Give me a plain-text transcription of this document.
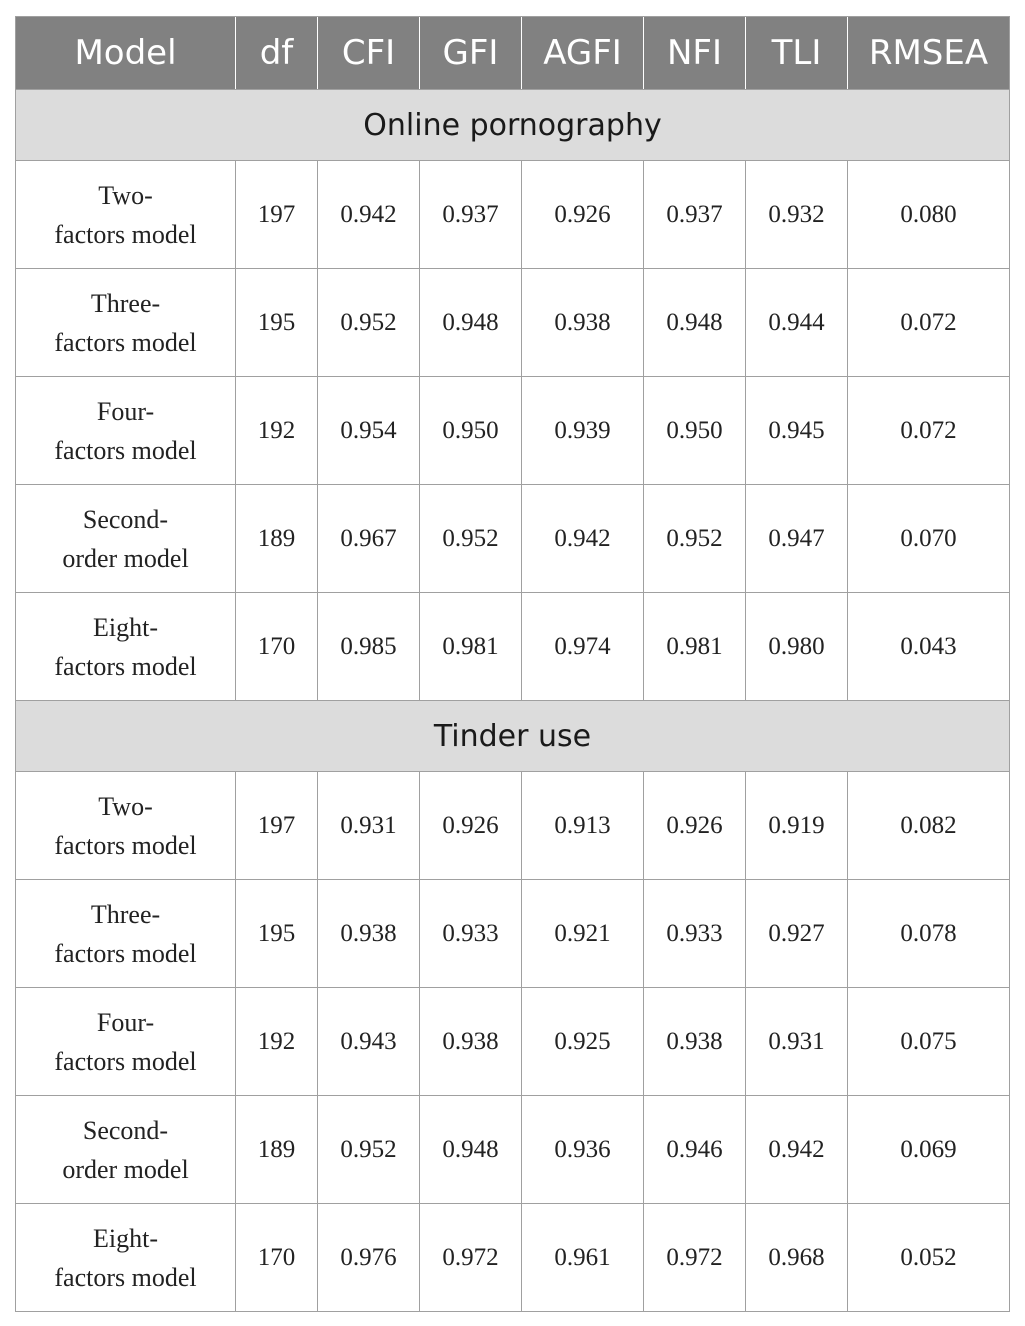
Model	df	CFI	GFI	AGFI	NFI	TLI	RMSEA
Online pornography							

Two-
factors model	197	0.942	0.937	0.926	0.937	0.932	0.080

Three-
factors model	195	0.952	0.948	0.938	0.948	0.944	0.072

Four-
factors model	192	0.954	0.950	0.939	0.950	0.945	0.072

Second-
order model	189	0.967	0.952	0.942	0.952	0.947	0.070

Eight-
factors model	170	0.985	0.981	0.974	0.981	0.980	0.043
Tinder use							

Two-
factors model	197	0.931	0.926	0.913	0.926	0.919	0.082

Three-
factors model	195	0.938	0.933	0.921	0.933	0.927	0.078

Four-
factors model	192	0.943	0.938	0.925	0.938	0.931	0.075

Second-
order model	189	0.952	0.948	0.936	0.946	0.942	0.069

Eight-
factors model	170	0.976	0.972	0.961	0.972	0.968	0.052
